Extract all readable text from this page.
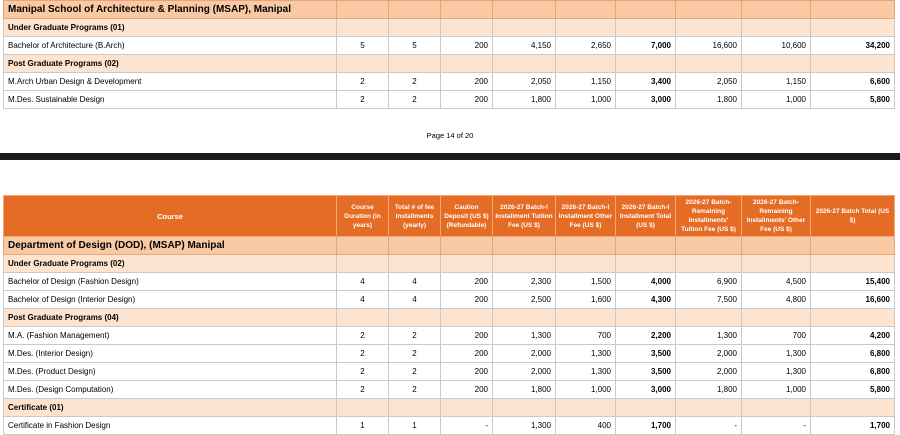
Manipal School of Architecture & Planning (MSAP), Manipal									
Under Graduate Programs (01)									
Bachelor of Architecture (B.Arch)	5	5	200	4,150	2,650	7,000	16,600	10,600	34,200
Post Graduate Programs (02)									
M.Arch Urban Design & Development	2	2	200	2,050	1,150	3,400	2,050	1,150	6,600
M.Des. Sustainable Design	2	2	200	1,800	1,000	3,000	1,800	1,000	5,800
Page 14 of 20
Course	Course Duration (in years)	Total # of fee installments (yearly)	Caution Deposit (US $) (Refundable)	2026-27 Batch-I Installment Tuition Fee (US $)	2026-27 Batch-I Installment Other Fee (US $)	2026-27 Batch-I Installment Total (US $)	2026-27 Batch-Remaining Installments' Tuition Fee (US $)	2026-27 Batch-Remaining Installments' Other Fee (US $)	2026-27 Batch Total (US $)
Department of Design (DOD), (MSAP) Manipal									
Under Graduate Programs (02)									
Bachelor of Design (Fashion Design)	4	4	200	2,300	1,500	4,000	6,900	4,500	15,400
Bachelor of Design (Interior Design)	4	4	200	2,500	1,600	4,300	7,500	4,800	16,600
Post Graduate Programs (04)									
M.A. (Fashion Management)	2	2	200	1,300	700	2,200	1,300	700	4,200
M.Des. (Interior Design)	2	2	200	2,000	1,300	3,500	2,000	1,300	6,800
M.Des. (Product Design)	2	2	200	2,000	1,300	3,500	2,000	1,300	6,800
M.Des. (Design Computation)	2	2	200	1,800	1,000	3,000	1,800	1,000	5,800
Certificate (01)									
Certificate in Fashion Design	1	1	-	1,300	400	1,700	-	-	1,700
